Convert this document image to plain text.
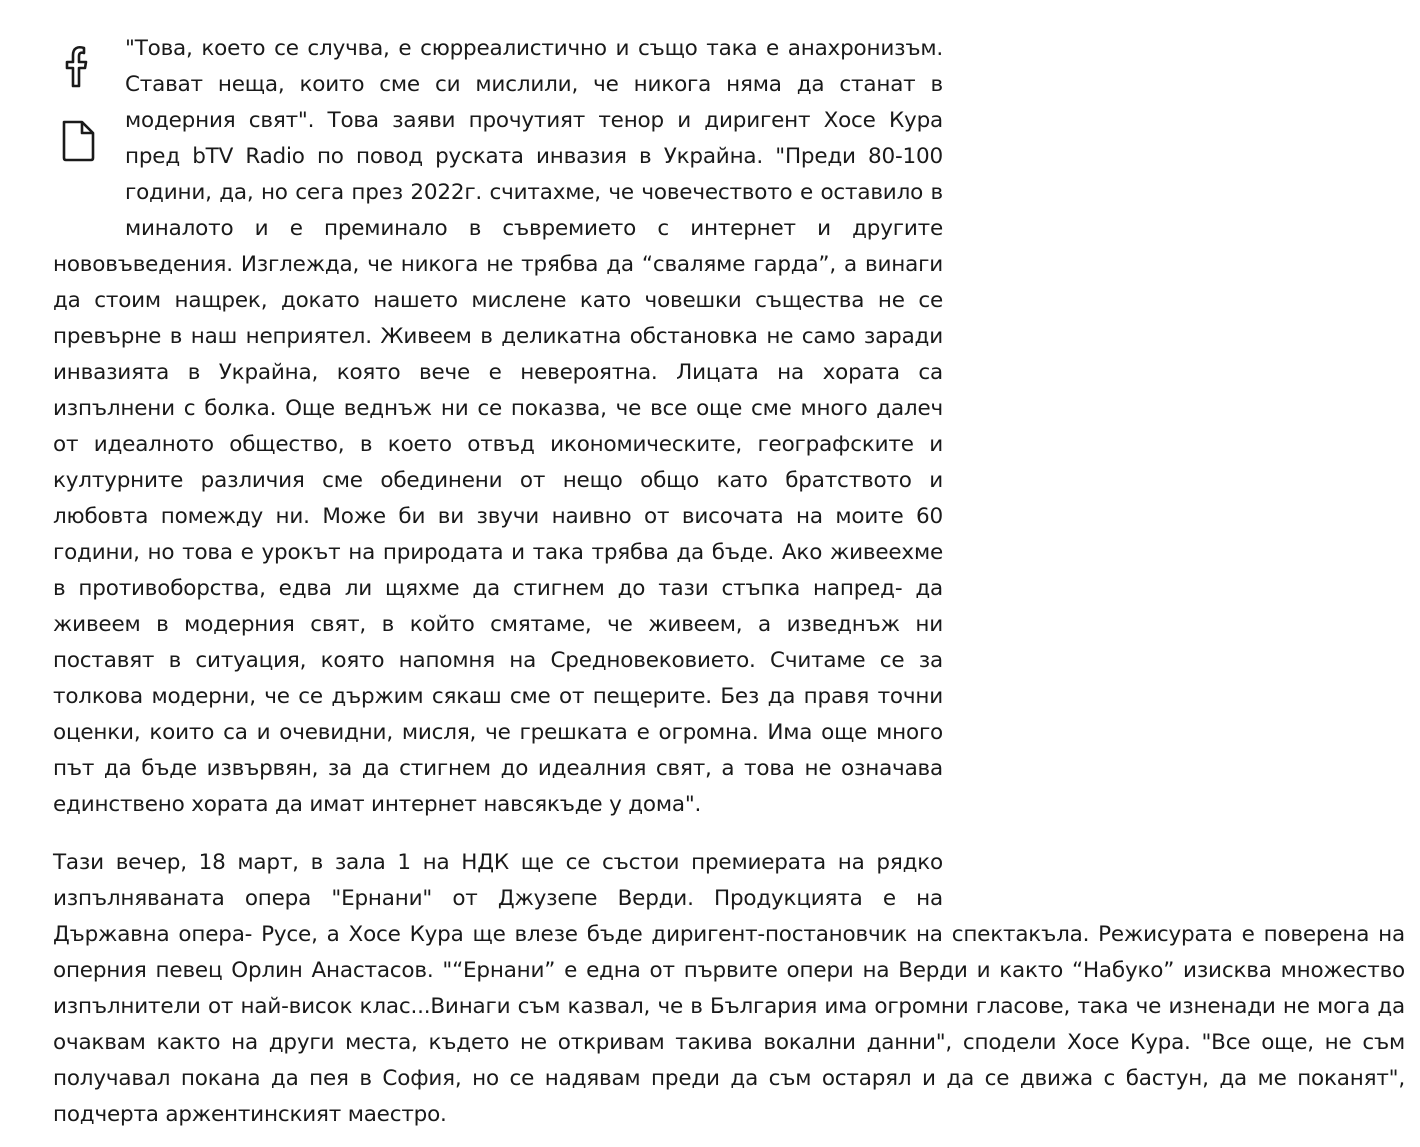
"Това, което се случва, е сюрреалистично и също така е анахронизъм. Стават неща, които сме си мислили, че никога няма да станат в модерния свят". Това заяви прочутият тенор и диригент Хосе Кура пред bTV Radio по повод руската инвазия в Украйна. "Преди 80-100 години, да, но сега през 2022г. считахме, че човечеството е оставило в миналото и е преминало в съвремието с интернет и другите нововъведения. Изглежда, че никога не трябва да “сваляме гарда”, а винаги да стоим нащрек, докато нашето мислене като човешки същества не се превърне в наш неприятел. Живеем в деликатна обстановка не само заради инвазията в Украйна, която вече е невероятна. Лицата на хората са изпълнени с болка. Още веднъж ни се показва, че все още сме много далеч от идеалното общество, в което отвъд икономическите, географските и културните различия сме обединени от нещо общо като братството и любовта помежду ни. Може би ви звучи наивно от височата на моите 60 години, но това е урокът на природата и така трябва да бъде. Ако живеехме в противоборства, едва ли щяхме да стигнем до тази стъпка напред- да живеем в модерния свят, в който смятаме, че живеем, а изведнъж ни поставят в ситуация, която напомня на Средновековието. Считаме се за толкова модерни, че се държим сякаш сме от пещерите. Без да правя точни оценки, които са и очевидни, мисля, че грешката е огромна. Има още много път да бъде извървян, за да стигнем до идеалния свят, а това не означава единствено хората да имат интернет навсякъде у дома".

Тази вечер, 18 март, в зала 1 на НДК ще се състои премиерата на рядко изпълняваната опера "Ернани" от Джузепе Верди. Продукцията е на Държавна опера- Русе, а Хосе Кура ще влезе бъде диригент-постановчик на спектакъла. Режисурата е поверена на оперния певец Орлин Анастасов. "“Ернани” е една от първите опери на Верди и както “Набуко” изисква множество изпълнители от най-висок клас...Винаги съм казвал, че в България има огромни гласове, така че изненади не мога да очаквам както на други места, където не откривам такива вокални данни", сподели Хосе Кура. "Все още, не съм получавал покана да пея в София, но се надявам преди да съм остарял и да се движа с бастун, да ме поканят", подчерта аржентинският маестро.
